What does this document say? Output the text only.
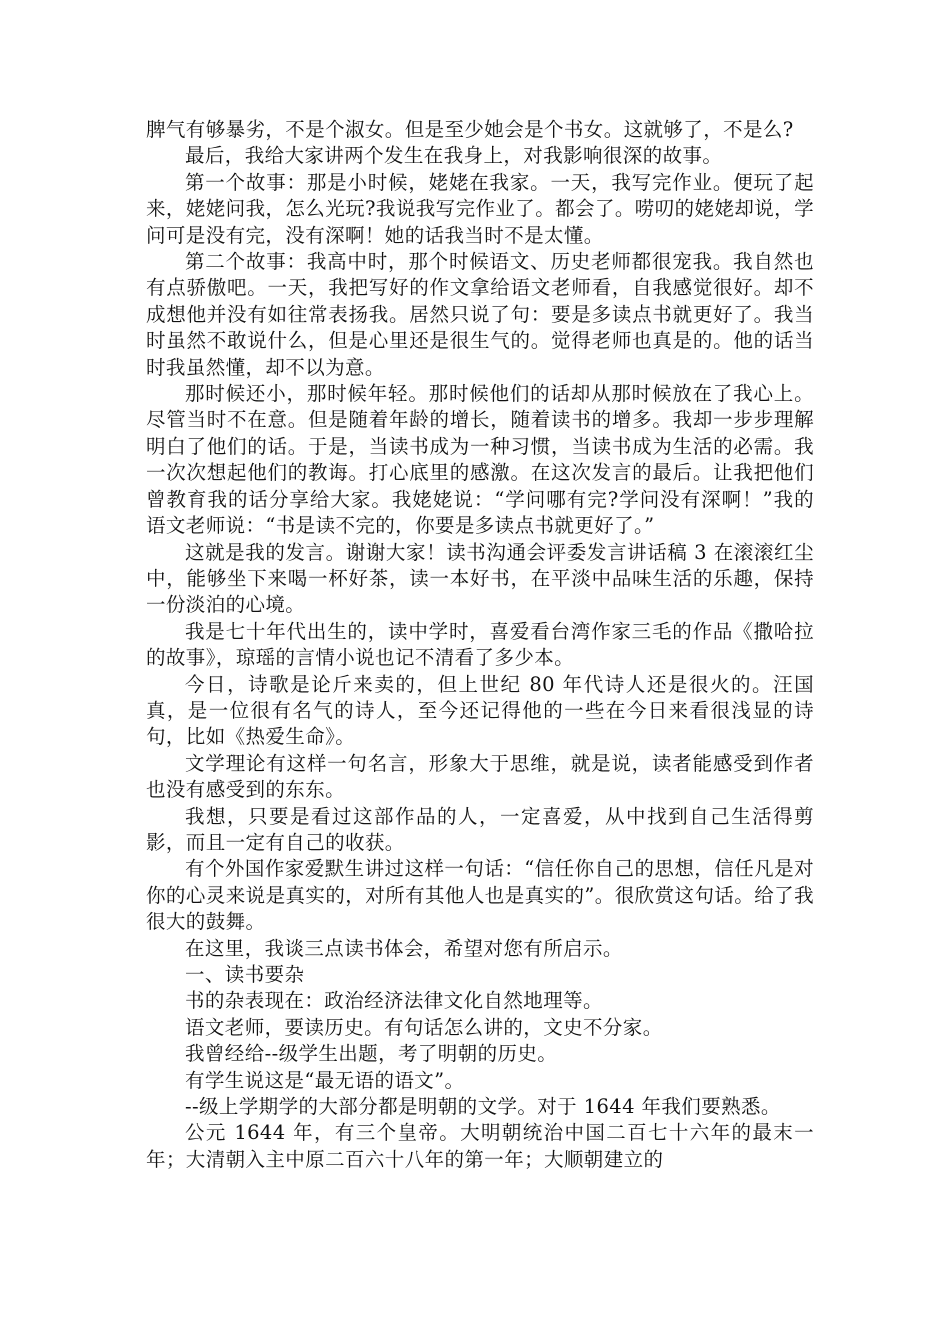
脾气有够暴劣，不是个淑女。但是至少她会是个书女。这就够了，不是么?

最后，我给大家讲两个发生在我身上，对我影响很深的故事。

第一个故事：那是小时候，姥姥在我家。一天，我写完作业。便玩了起来，姥姥问我，怎么光玩?我说我写完作业了。都会了。唠叨的姥姥却说，学问可是没有完，没有深啊！她的话我当时不是太懂。

第二个故事：我高中时，那个时候语文、历史老师都很宠我。我自然也有点骄傲吧。一天，我把写好的作文拿给语文老师看，自我感觉很好。却不成想他并没有如往常表扬我。居然只说了句：要是多读点书就更好了。我当时虽然不敢说什么，但是心里还是很生气的。觉得老师也真是的。他的话当时我虽然懂，却不以为意。

那时候还小，那时候年轻。那时候他们的话却从那时候放在了我心上。尽管当时不在意。但是随着年龄的增长，随着读书的增多。我却一步步理解明白了他们的话。于是，当读书成为一种习惯，当读书成为生活的必需。我一次次想起他们的教诲。打心底里的感激。在这次发言的最后。让我把他们曾教育我的话分享给大家。我姥姥说：“学问哪有完?学问没有深啊！”我的语文老师说：“书是读不完的，你要是多读点书就更好了。”

这就是我的发言。谢谢大家！读书沟通会评委发言讲话稿 3 在滚滚红尘中，能够坐下来喝一杯好茶，读一本好书，在平淡中品味生活的乐趣，保持一份淡泊的心境。

我是七十年代出生的，读中学时，喜爱看台湾作家三毛的作品《撒哈拉的故事》，琼瑶的言情小说也记不清看了多少本。

今日，诗歌是论斤来卖的，但上世纪 80 年代诗人还是很火的。汪国真，是一位很有名气的诗人，至今还记得他的一些在今日来看很浅显的诗句，比如《热爱生命》。

文学理论有这样一句名言，形象大于思维，就是说，读者能感受到作者也没有感受到的东东。

我想，只要是看过这部作品的人，一定喜爱，从中找到自己生活得剪影，而且一定有自己的收获。

有个外国作家爱默生讲过这样一句话：“信任你自己的思想，信任凡是对你的心灵来说是真实的，对所有其他人也是真实的”。很欣赏这句话。给了我很大的鼓舞。

在这里，我谈三点读书体会，希望对您有所启示。

一、读书要杂

书的杂表现在：政治经济法律文化自然地理等。

语文老师，要读历史。有句话怎么讲的，文史不分家。

我曾经给--级学生出题，考了明朝的历史。

有学生说这是“最无语的语文”。

--级上学期学的大部分都是明朝的文学。对于 1644 年我们要熟悉。

公元 1644 年，有三个皇帝。大明朝统治中国二百七十六年的最末一年；大清朝入主中原二百六十八年的第一年；大顺朝建立的
